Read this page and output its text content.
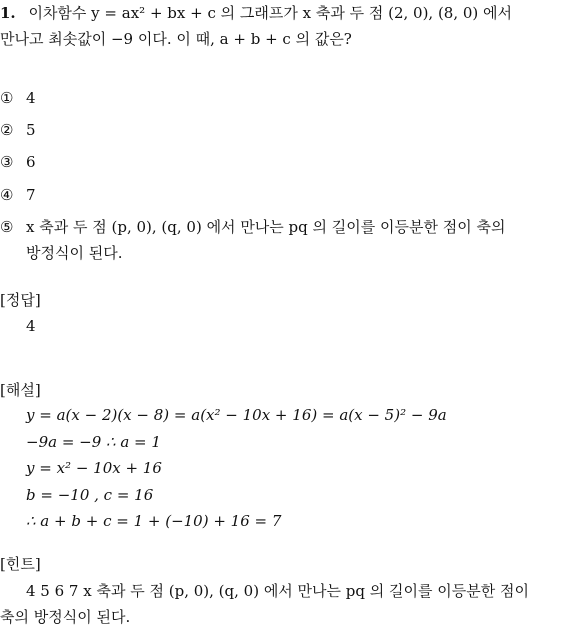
1. 이차함수 y = ax² + bx + c 의 그래프가 x 축과 두 점 (2, 0), (8, 0) 에서
만나고 최솟값이 −9 이다. 이 때, a + b + c 의 값은?
① 4
② 5
③ 6
④ 7
⑤ x 축과 두 점 (p, 0), (q, 0) 에서 만나는 pq 의 길이를 이등분한 점이 축의
방정식이 된다.
[정답]
4
[해설]
y = a(x − 2)(x − 8) = a(x² − 10x + 16) = a(x − 5)² − 9a
−9a = −9 ∴ a = 1
y = x² − 10x + 16
b = −10 , c = 16
∴ a + b + c = 1 + (−10) + 16 = 7
[힌트]
4 5 6 7 x 축과 두 점 (p, 0), (q, 0) 에서 만나는 pq 의 길이를 이등분한 점이
축의 방정식이 된다.
